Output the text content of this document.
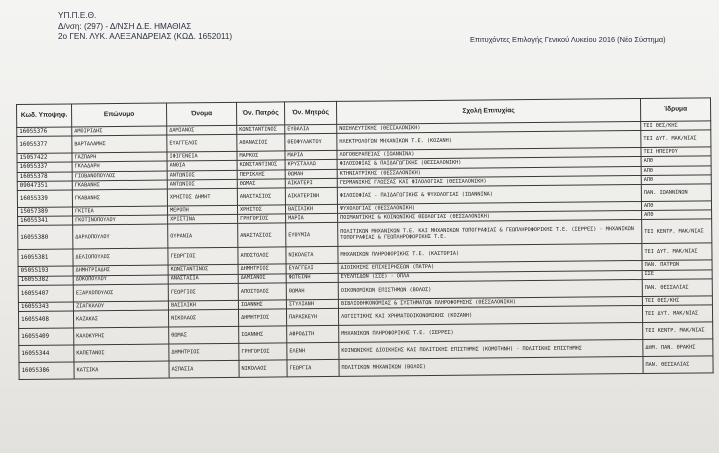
ΥΠ.Π.Ε.Θ.
Δ/νση: (297) - Δ/ΝΣΗ Δ.Ε. ΗΜΑΘΙΑΣ
2ο ΓΕΝ. ΛΥΚ. ΑΛΕΞΑΝΔΡΕΙΑΣ (ΚΩΔ. 1652011)	Επιτυχόντες Επιλογής Γενικού Λυκείου 2016 (Νέο Σύστημα)
Κωδ. Υποψηφ.	Επώνυμο	Όνομα	Όν. Πατρός	Όν. Μητρός	Σχολή Επιτυχίας	Ίδρυμα
16055376	ΑΜΟΙΡΙΔΗΣ	ΔΑΜΙΑΝΟΣ	ΚΩΝΣΤΑΝΤΙΝΟΣ	ΕΥΘΑΛΙΑ	ΝΟΣΗΛΕΥΤΙΚΗΣ (ΘΕΣΣΑΛΟΝΙΚΗ)	ΤΕΙ ΘΕΣ/ΚΗΣ
16055377	ΒΑΡΤΑΛΑΜΗΣ	ΕΥΑΓΓΕΛΟΣ	ΑΘΑΝΑΣΙΟΣ	ΘΕΟΦΥΛΑΚΤΟΥ	ΗΛΕΚΤΡΟΛΟΓΩΝ ΜΗΧΑΝΙΚΩΝ Τ.Ε. (ΚΟΖΑΝΗ)	ΤΕΙ ΔΥΤ. ΜΑΚ/ΝΙΑΣ
15057422	ΓΑΖΠΑΡΗ	ΙΦΙΓΕΝΕΙΑ	ΜΑΡΚΟΣ	ΜΑΡΙΑ	ΛΟΓΟΘΕΡΑΠΕΙΑΣ (ΙΩΑΝΝΙΝΑ)	ΤΕΙ ΗΠΕΙΡΟΥ
16055337	ΓΚΛΑΔΑΡΗ	ΑΝΘΙΑ	ΚΩΝΣΤΑΝΤΙΝΟΣ	ΚΡΥΣΤΑΛΛΩ	ΦΙΛΟΣΟΦΙΑΣ & ΠΑΙΔΑΓΩΓΙΚΗΣ (ΘΕΣΣΑΛΟΝΙΚΗ)	ΑΠΘ
16055378	ΓΙΟΒΑΝΟΠΟΥΛΟΣ	ΑΝΤΩΝΙΟΣ	ΠΕΡΙΚΛΗΣ	ΘΩΜΑΗ	ΚΤΗΝΙΑΤΡΙΚΗΣ (ΘΕΣΣΑΛΟΝΙΚΗ)	ΑΠΘ
09047351	ΓΚΑΒΑΝΗΣ	ΑΝΤΩΝΙΟΣ	ΘΩΜΑΣ	ΑΙΚΑΤΕΡΙ	ΓΕΡΜΑΝΙΚΗΣ ΓΛΩΣΣΑΣ ΚΑΙ ΦΙΛΟΛΟΓΙΑΣ (ΘΕΣΣΑΛΟΝΙΚΗ)	ΑΠΘ
16055339	ΓΚΑΒΑΝΗΣ	ΧΡΗΣΤΟΣ ΔΗΜΗΤ	ΑΝΑΣΤΑΣΙΟΣ	ΑΙΚΑΤΕΡΙΝΗ	ΦΙΛΟΣΟΦΙΑΣ - ΠΑΙΔΑΓΩΓΙΚΗΣ & ΨΥΧΟΛΟΓΙΑΣ (ΙΩΑΝΝΙΝΑ)	ΠΑΝ. ΙΩΑΝΝΙΝΩΝ
15057389	ΓΚΙΤΕΑ	ΜΕΡΟΠΗ	ΧΡΗΣΤΟΣ	ΒΑΣΙΛΙΚΗ	ΨΥΧΟΛΟΓΙΑΣ (ΘΕΣΣΑΛΟΝΙΚΗ)	ΑΠΘ
16055341	ΓΚΟΤΙΝΟΠΟΥΛΟΥ	ΧΡΙΣΤΙΝΑ	ΓΡΗΓΟΡΙΟΣ	ΜΑΡΙΑ	ΠΟΙΜΑΝΤΙΚΗΣ & ΚΟΙΝΩΝΙΚΗΣ ΘΕΟΛΟΓΙΑΣ (ΘΕΣΣΑΛΟΝΙΚΗ)	ΑΠΘ
16055380	ΔΑΡΛΟΠΟΥΛΟΥ	ΟΥΡΑΝΙΑ	ΑΝΑΣΤΑΣΙΟΣ	ΕΥΘΥΜΙΑ	ΠΟΛΙΤΙΚΩΝ ΜΗΧΑΝΙΚΩΝ Τ.Ε. ΚΑΙ ΜΗΧΑΝΙΚΩΝ ΤΟΠΟΓΡΑΦΙΑΣ & ΓΕΩΠΛΗΡΟΦΟΡΙΚΗΣ Τ.Ε. (ΣΕΡΡΕΣ) - ΜΗΧΑΝΙΚΩΝ ΤΟΠΟΓΡΑΦΙΑΣ & ΓΕΩΠΛΗΡΟΦΟΡΙΚΗΣ Τ.Ε.	ΤΕΙ ΚΕΝΤΡ. ΜΑΚ/ΝΙΑΣ
16055381	ΔΕΛΙΟΠΟΥΛΟΣ	ΓΕΩΡΓΙΟΣ	ΑΠΟΣΤΟΛΟΣ	ΝΙΚΟΛΕΤΑ	ΜΗΧΑΝΙΚΩΝ ΠΛΗΡΟΦΟΡΙΚΗΣ Τ.Ε. (ΚΑΣΤΟΡΙΑ)	ΤΕΙ ΔΥΤ. ΜΑΚ/ΝΙΑΣ
05055193	ΔΗΜΗΤΡΙΑΔΗΣ	ΚΩΝΣΤΑΝΤΙΝΟΣ	ΔΗΜΗΤΡΙΟΣ	ΕΥΑΓΓΕΛΙ	ΔΙΟΙΚΗΣΗΣ ΕΠΙΧΕΙΡΗΣΕΩΝ (ΠΑΤΡΑ)	ΠΑΝ. ΠΑΤΡΩΝ
16055382	ΔΟΚΟΠΟΥΛΟΥ	ΑΝΑΣΤΑΣΙΑ	ΔΑΜΙΑΝΟΣ	ΦΩΤΕΙΝΗ	ΕΥΕΛΠΙΔΩΝ (ΣΣΕ) - ΟΠΛΑ	ΣΣΕ
16055407	ΕΞΑΡΧΟΠΟΥΛΟΣ	ΓΕΩΡΓΙΟΣ	ΑΠΟΣΤΟΛΟΣ	ΘΩΜΑΗ	ΟΙΚΟΝΟΜΙΚΩΝ ΕΠΙΣΤΗΜΩΝ (ΒΟΛΟΣ)	ΠΑΝ. ΘΕΣΣΑΛΙΑΣ
16055343	ΖΙΑΓΚΑΛΟΥ	ΒΑΣΙΛΙΚΗ	ΙΩΑΝΝΗΣ	ΣΤΥΛΙΑΝΗ	ΒΙΒΛΙΟΘΗΚΟΝΟΜΙΑΣ & ΣΥΣΤΗΜΑΤΩΝ ΠΛΗΡΟΦΟΡΗΣΗΣ (ΘΕΣΣΑΛΟΝΙΚΗ)	ΤΕΙ ΘΕΣ/ΚΗΣ
16055408	ΚΑΖΑΚΑΣ	ΝΙΚΟΛΑΟΣ	ΔΗΜΗΤΡΙΟΣ	ΠΑΡΑΣΚΕΥΗ	ΛΟΓΙΣΤΙΚΗΣ ΚΑΙ ΧΡΗΜΑΤΟΟΙΚΟΝΟΜΙΚΗΣ (ΚΟΖΑΝΗ)	ΤΕΙ ΔΥΤ. ΜΑΚ/ΝΙΑΣ
16055409	ΚΑΛΟΚΥΡΗΣ	ΘΩΜΑΣ	ΙΩΑΝΝΗΣ	ΑΦΡΟΔΙΤΗ	ΜΗΧΑΝΙΚΩΝ ΠΛΗΡΟΦΟΡΙΚΗΣ Τ.Ε. (ΣΕΡΡΕΣ)	ΤΕΙ ΚΕΝΤΡ. ΜΑΚ/ΝΙΑΣ
16055344	ΚΑΠΕΤΑΝΟΣ	ΔΗΜΗΤΡΙΟΣ	ΓΡΗΓΟΡΙΟΣ	ΕΛΕΝΗ	ΚΟΙΝΩΝΙΚΗΣ ΔΙΟΙΚΗΣΗΣ ΚΑΙ ΠΟΛΙΤΙΚΗΣ ΕΠΙΣΤΗΜΗΣ (ΚΟΜΟΤΗΝΗ) - ΠΟΛΙΤΙΚΗΣ ΕΠΙΣΤΗΜΗΣ	ΔΗΜ. ΠΑΝ. ΘΡΑΚΗΣ
16055386	ΚΑΤΣΙΚΑ	ΑΣΠΑΣΙΑ	ΝΙΚΟΛΑΟΣ	ΓΕΩΡΓΙΑ	ΠΟΛΙΤΙΚΩΝ ΜΗΧΑΝΙΚΩΝ (ΒΟΛΟΣ)	ΠΑΝ. ΘΕΣΣΑΛΙΑΣ
